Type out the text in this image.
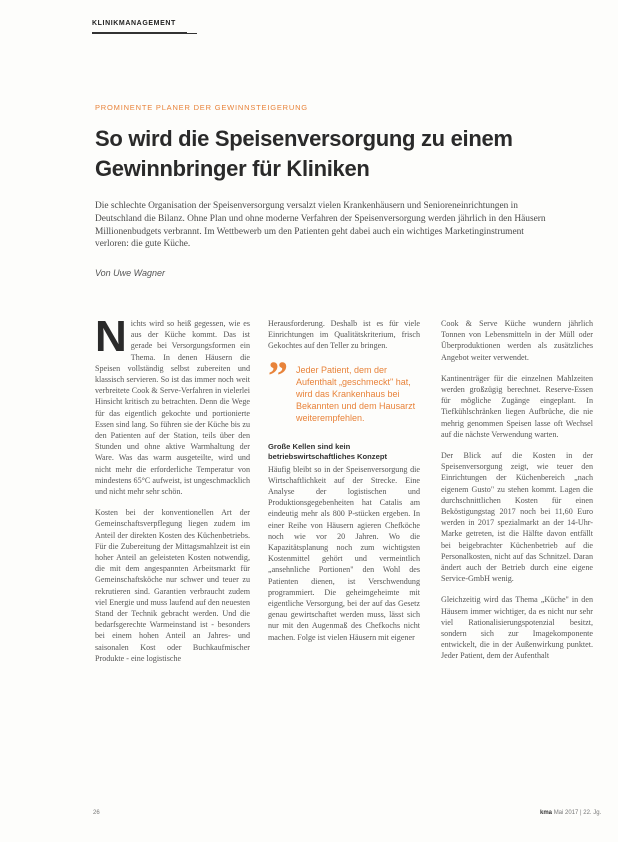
KLINIKMANAGEMENT
PROMINENTE PLANER DER GEWINNSTEIGERUNG
So wird die Speisenversorgung zu einem Gewinnbringer für Kliniken
Die schlechte Organisation der Speisenversorgung versalzt vielen Krankenhäusern und Senioreneinrichtungen in Deutschland die Bilanz. Ohne Plan und ohne moderne Verfahren der Speisenversorgung werden jährlich in den Häusern Millionenbudgets verbrannt. Im Wettbewerb um den Patienten geht dabei auch ein wichtiges Marketinginstrument verloren: die gute Küche.
Von Uwe Wagner

Nichts wird so heiß gegessen, wie es aus der Küche kommt. Das ist gerade bei Versorgungsformen ein Thema. In denen Häusern die Speisen vollständig selbst zubereiten und klassisch servieren. So ist das immer noch weit verbreitete Cook & Serve-Verfahren in vielerlei Hinsicht kritisch zu betrachten. Denn die Wege für das eigentlich gekochte und portionierte Essen sind lang. So führen sie der Küche bis zu den Patienten auf der Station, teils über den Stunden und ohne aktive Warmhaltung der Ware. Was das warm ausgeteilte, wird und nicht mehr die erforderliche Temperatur von mindestens 65°C aufweist, ist ungeschmacklich und nicht mehr sehr schön.

Kosten bei der konventionellen Art der Gemeinschaftsverpflegung liegen zudem im Anteil der direkten Kosten des Küchenbetriebs. Für die Zubereitung der Mittagsmahlzeit ist ein hoher Anteil an geleisteten Kosten notwendig, die mit dem angespannten Arbeitsmarkt für Gemeinschaftsköche nur schwer und teuer zu rekrutieren sind. Garantien verbraucht zudem viel Energie und muss laufend auf den neuesten Stand der Technik gebracht werden. Und die bedarfsgerechte Warmeinstand ist - besonders bei einem hohen Anteil an Jahres- und saisonalen Kost oder Buchkaufmischer Produkte - eine logistische

Herausforderung. Deshalb ist es für viele Einrichtungen im Qualitätskriterium, frisch Gekochtes auf den Teller zu bringen.

” Jeder Patient, dem der Aufenthalt „geschmeckt" hat, wird das Krankenhaus bei Bekannten und dem Hausarzt weiterempfehlen.
Große Kellen sind kein betriebswirtschaftliches Konzept

Häufig bleibt so in der Speisenversorgung die Wirtschaftlichkeit auf der Strecke. Eine Analyse der logistischen und Produktionsgegebenheiten hat Catalis am eindeutig mehr als 800 P-stücken ergeben. In einer Reihe von Häusern agieren Chefköche noch wie vor 20 Jahren. Wo die Kapazitätsplanung noch zum wichtigsten Kostenmittel gehört und vermeintlich „ansehnliche Portionen" den Wohl des Patienten dienen, ist Verschwendung programmiert. Die geheimgeheimte mit eigentliche Versorgung, bei der auf das Gesetz genau gewirtschaftet werden muss, lässt sich nur mit den Augenmaß des Chefkochs nicht machen. Folge ist vielen Häusern mit eigener

Cook & Serve Küche wundern jährlich Tonnen von Lebensmitteln in der Müll oder Überproduktionen werden als zusätzliches Angebot weiter verwendet.

Kantinenträger für die einzelnen Mahlzeiten werden großzügig berechnet. Reserve-Essen für mögliche Zugänge eingeplant. In Tiefkühlschränken liegen Aufbrüche, die nie mehrig genommen Speisen lasse oft Wechsel auf die nächste Verwendung warten.

Der Blick auf die Kosten in der Speisenversorgung zeigt, wie teuer den Einrichtungen der Küchenbereich „nach eigenem Gusto" zu stehen kommt. Lagen die durchschnittlichen Kosten für einen Beköstigungstag 2017 noch bei 11,60 Euro werden in 2017 spezialmarkt an der 14-Uhr-Marke getreten, ist die Hälfte davon entfällt bei beigebrachter Küchenbetrieb auf die Personalkosten, nicht auf das Schnitzel. Daran ändert auch der Betrieb durch eine eigene Service-GmbH wenig.

Gleichzeitig wird das Thema „Küche" in den Häusern immer wichtiger, da es nicht nur sehr viel Rationalisierungspotenzial besitzt, sondern sich zur Imagekomponente entwickelt, die in der Außenwirkung punktet. Jeder Patient, dem der Aufenthalt

26	kma Mai 2017 | 22. Jg.
